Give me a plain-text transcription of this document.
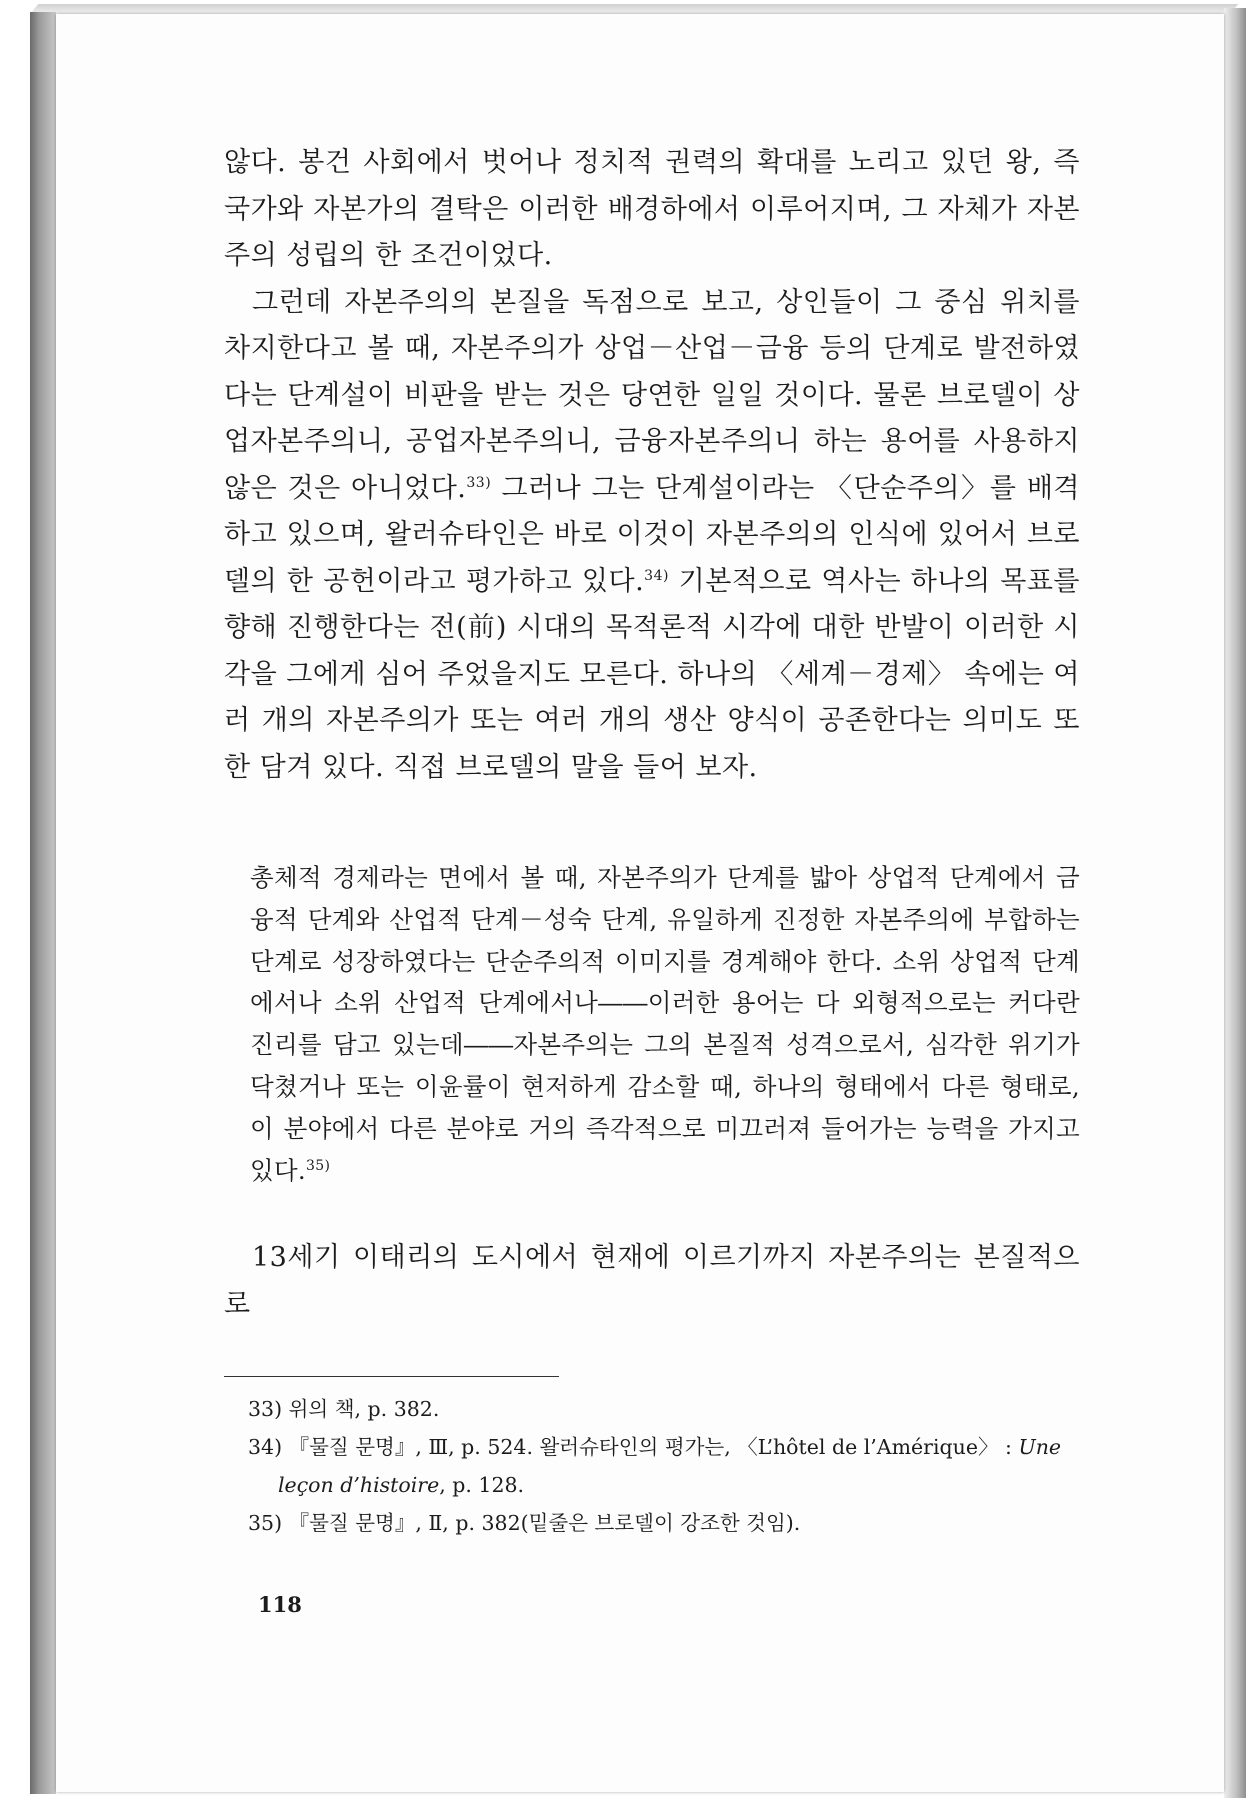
않다. 봉건 사회에서 벗어나 정치적 권력의 확대를 노리고 있던 왕, 즉 국가와 자본가의 결탁은 이러한 배경하에서 이루어지며, 그 자체가 자본주의 성립의 한 조건이었다.

그런데 자본주의의 본질을 독점으로 보고, 상인들이 그 중심 위치를 차지한다고 볼 때, 자본주의가 상업－산업－금융 등의 단계로 발전하였다는 단계설이 비판을 받는 것은 당연한 일일 것이다. 물론 브로델이 상업자본주의니, 공업자본주의니, 금융자본주의니 하는 용어를 사용하지 않은 것은 아니었다.$^{33)}$ 그러나 그는 단계설이라는 〈단순주의〉를 배격하고 있으며, 왈러슈타인은 바로 이것이 자본주의의 인식에 있어서 브로델의 한 공헌이라고 평가하고 있다.$^{34)}$ 기본적으로 역사는 하나의 목표를 향해 진행한다는 전(前) 시대의 목적론적 시각에 대한 반발이 이러한 시각을 그에게 심어 주었을지도 모른다. 하나의 〈세계－경제〉 속에는 여러 개의 자본주의가 또는 여러 개의 생산 양식이 공존한다는 의미도 또한 담겨 있다. 직접 브로델의 말을 들어 보자.

총체적 경제라는 면에서 볼 때, 자본주의가 단계를 밟아 상업적 단계에서 금융적 단계와 산업적 단계－성숙 단계, 유일하게 진정한 자본주의에 부합하는 단계로 성장하였다는 단순주의적 이미지를 경계해야 한다. 소위 상업적 단계에서나 소위 산업적 단계에서나――이러한 용어는 다 외형적으로는 커다란 진리를 담고 있는데――자본주의는 그의 본질적 성격으로서, 심각한 위기가 닥쳤거나 또는 이윤률이 현저하게 감소할 때, 하나의 형태에서 다른 형태로, 이 분야에서 다른 분야로 거의 즉각적으로 미끄러져 들어가는 능력을 가지고 있다.$^{35)}$

13세기 이태리의 도시에서 현재에 이르기까지 자본주의는 본질적으로

33) 위의 책, p. 382.

34) 『물질 문명』, Ⅲ, p. 524. 왈러슈타인의 평가는, 〈L’hôtel de l’Amérique〉 : Une
leçon d’histoire, p. 128.

35) 『물질 문명』, Ⅱ, p. 382(밑줄은 브로델이 강조한 것임).

118
